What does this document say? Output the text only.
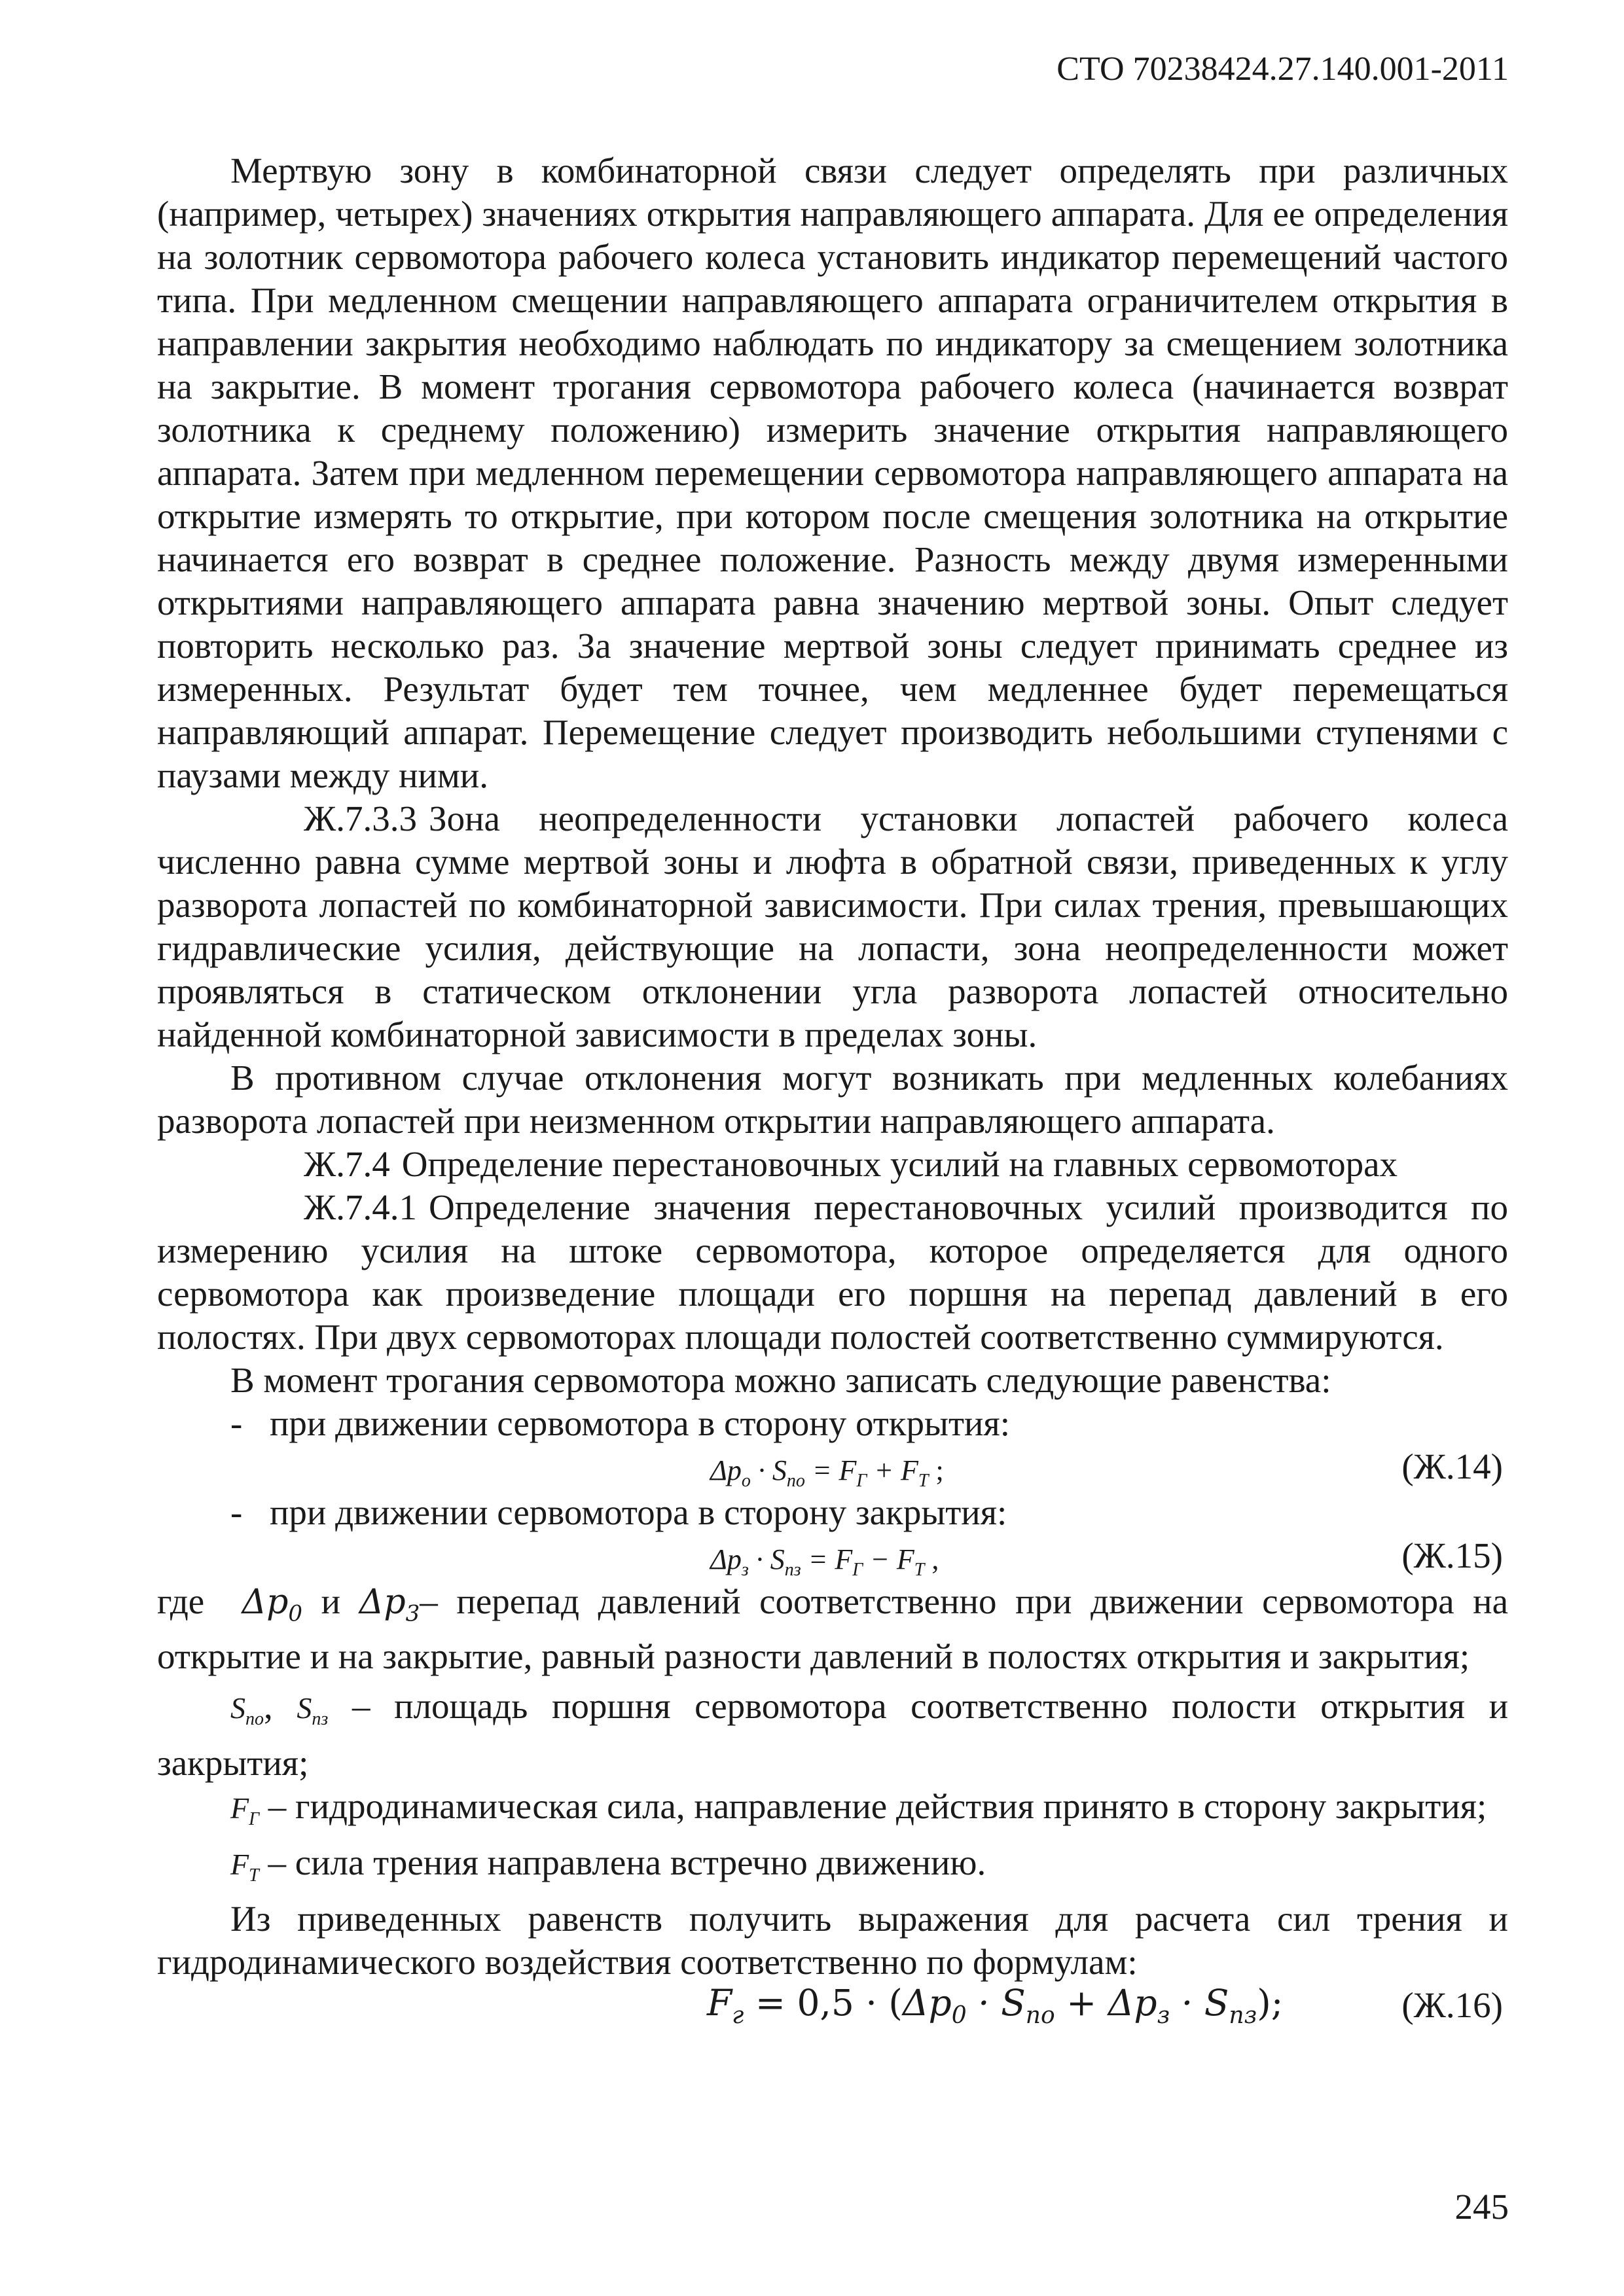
СТО 70238424.27.140.001-2011

Мертвую зону в комбинаторной связи следует определять при различных (например, четырех) значениях открытия направляющего аппарата. Для ее определения на золотник сервомотора рабочего колеса установить индикатор перемещений частого типа. При медленном смещении направляющего аппарата ограничителем открытия в направлении закрытия необходимо наблюдать по индикатору за смещением золотника на закрытие. В момент трогания сервомотора рабочего колеса (начинается возврат золотника к среднему положению) измерить значение открытия направляющего аппарата. Затем при медленном перемещении сервомотора направляющего аппарата на открытие измерять то открытие, при котором после смещения золотника на открытие начинается его возврат в среднее положение. Разность между двумя измеренными открытиями направляющего аппарата равна значению мертвой зоны. Опыт следует повторить несколько раз. За значение мертвой зоны следует принимать среднее из измеренных. Результат будет тем точнее, чем медленнее будет перемещаться направляющий аппарат. Перемещение следует производить небольшими ступенями с паузами между ними.

Ж.7.3.3 Зона неопределенности установки лопастей рабочего колеса численно равна сумме мертвой зоны и люфта в обратной связи, приведенных к углу разворота лопастей по комбинаторной зависимости. При силах трения, превышающих гидравлические усилия, действующие на лопасти, зона неопределенности может проявляться в статическом отклонении угла разворота лопастей относительно найденной комбинаторной зависимости в пределах зоны.

В противном случае отклонения могут возникать при медленных колебаниях разворота лопастей при неизменном открытии направляющего аппарата.

Ж.7.4 Определение перестановочных усилий на главных сервомоторах

Ж.7.4.1 Определение значения перестановочных усилий производится по измерению усилия на штоке сервомотора, которое определяется для одного сервомотора как произведение площади его поршня на перепад давлений в его полостях. При двух сервомоторах площади полостей соответственно суммируются.

В момент трогания сервомотора можно записать следующие равенства:

- при движении сервомотора в сторону открытия:

$\Delta p_o \cdot S_{no} = F_Г + F_T$ ;	(Ж.14)

- при движении сервомотора в сторону закрытия:

$\Delta p_з \cdot S_{nз} = F_Г - F_T$ ,	(Ж.15)

где $\Delta p_0$ и $\Delta p_3-$ перепад давлений соответственно при движении сервомотора на открытие и на закрытие, равный разности давлений в полостях открытия и закрытия;

$S_{no}$, $S_{nз}$ – площадь поршня сервомотора соответственно полости открытия и закрытия;

$F_Г$ – гидродинамическая сила, направление действия принято в сторону закрытия;

$F_T$ – сила трения направлена встречно движению.

Из приведенных равенств получить выражения для расчета сил трения и гидродинамического воздействия соответственно по формулам:

$F_г = 0,5 \cdot (\Delta p_0 \cdot S_{по} + \Delta p_з \cdot S_{пз})$;	(Ж.16)
245
